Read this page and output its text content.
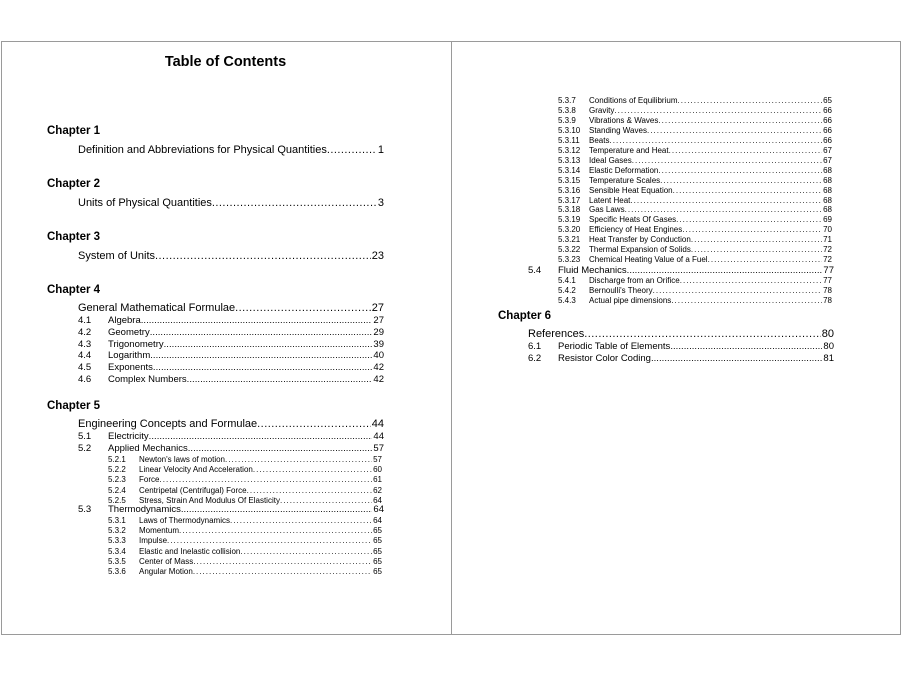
Table of Contents
Chapter 1
Definition and Abbreviations for Physical Quantities . . .	1
Chapter 2
Units of Physical Quantities . . .	3
Chapter 3
System of Units . . .	23
Chapter 4
General Mathematical Formulae . . .	27
4.1	Algebra . . .	27
4.2	Geometry . . .	29
4.3	Trigonometry . . .	39
4.4	Logarithm . . .	40
4.5	Exponents . . .	42
4.6	Complex Numbers . . .	42
Chapter 5
Engineering Concepts and Formulae . . .	44
5.1	Electricity . . .	44
5.2	Applied Mechanics . . .	57
5.2.1	Newton's laws of motion . . .	57
5.2.2	Linear Velocity And Acceleration . . .	60
5.2.3	Force . . .	61
5.2.4	Centripetal (Centrifugal) Force . . .	62
5.2.5	Stress, Strain And Modulus Of Elasticity . . .	64
5.3	Thermodynamics . . .	64
5.3.1	Laws of Thermodynamics . . .	64
5.3.2	Momentum . . .	65
5.3.3	Impulse . . .	65
5.3.4	Elastic and Inelastic collision . . .	65
5.3.5	Center of Mass . . .	65
5.3.6	Angular Motion . . .	65
5.3.7	Conditions of Equilibrium . . .	65
5.3.8	Gravity . . .	66
5.3.9	Vibrations & Waves . . .	66
5.3.10	Standing Waves . . .	66
5.3.11	Beats . . .	66
5.3.12	Temperature and Heat . . .	67
5.3.13	Ideal Gases . . .	67
5.3.14	Elastic Deformation . . .	68
5.3.15	Temperature Scales . . .	68
5.3.16	Sensible Heat Equation . . .	68
5.3.17	Latent Heat . . .	68
5.3.18	Gas Laws . . .	68
5.3.19	Specific Heats Of Gases . . .	69
5.3.20	Efficiency of Heat Engines . . .	70
5.3.21	Heat Transfer by Conduction . . .	71
5.3.22	Thermal Expansion of Solids . . .	72
5.3.23	Chemical Heating Value of a Fuel . . .	72
5.4	Fluid Mechanics . . .	77
5.4.1	Discharge from an Orifice . . .	77
5.4.2	Bernoulli's Theory . . .	78
5.4.3	Actual pipe dimensions . . .	78
Chapter 6
References . . .	80
6.1	Periodic Table of Elements . . .	80
6.2	Resistor Color Coding . . .	81
